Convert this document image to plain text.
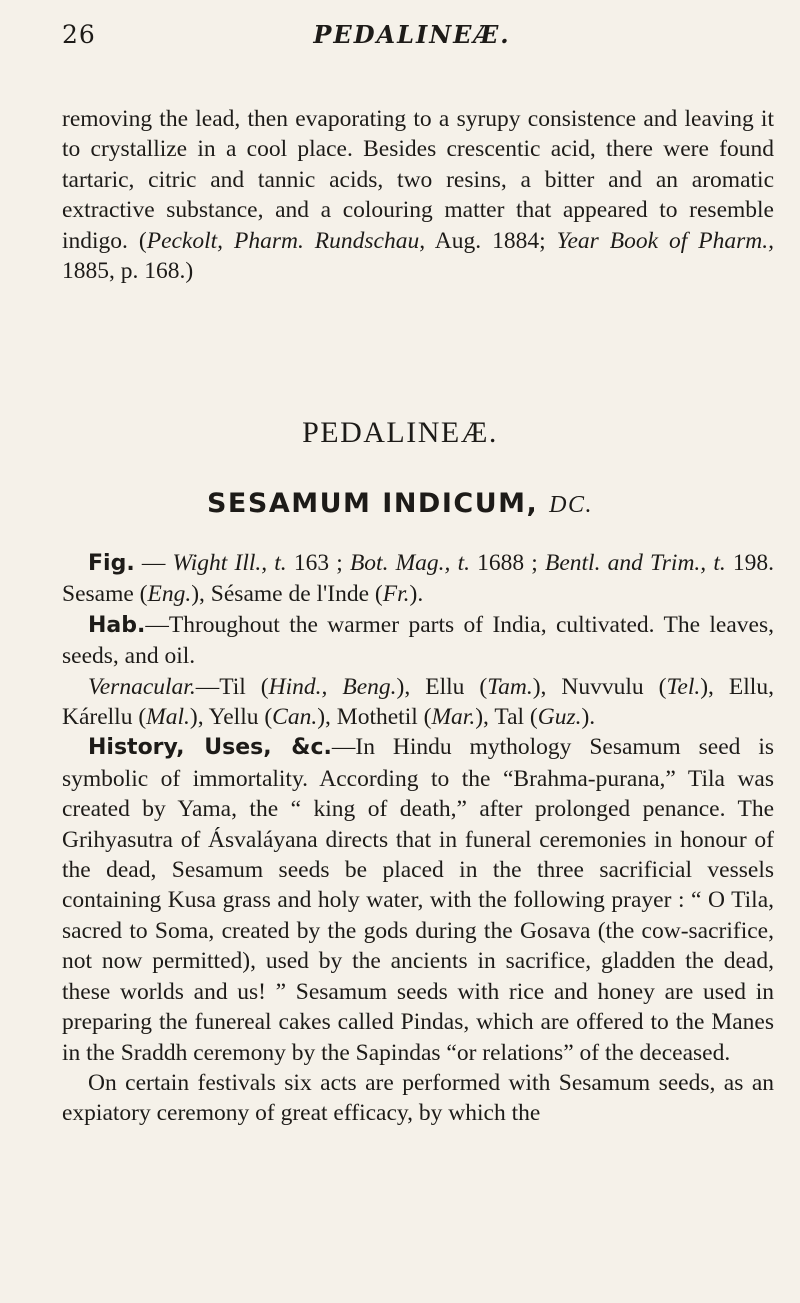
26	PEDALINEÆ.

removing the lead, then evaporating to a syrupy consistence and leaving it to crystallize in a cool place. Besides crescentic acid, there were found tartaric, citric and tannic acids, two resins, a bitter and an aromatic extractive substance, and a colouring matter that appeared to resemble indigo. (Peckolt, Pharm. Rundschau, Aug. 1884; Year Book of Pharm., 1885, p. 168.)

PEDALINEÆ.
SESAMUM INDICUM, DC.

Fig. — Wight Ill., t. 163 ; Bot. Mag., t. 1688 ; Bentl. and Trim., t. 198. Sesame (Eng.), Sésame de l'Inde (Fr.).

Hab.—Throughout the warmer parts of India, cultivated. The leaves, seeds, and oil.

Vernacular.—Til (Hind., Beng.), Ellu (Tam.), Nuvvulu (Tel.), Ellu, Kárellu (Mal.), Yellu (Can.), Mothetil (Mar.), Tal (Guz.).

History, Uses, &c.—In Hindu mythology Sesamum seed is symbolic of immortality. According to the “Brahma-purana,” Tila was created by Yama, the “ king of death,” after prolonged penance. The Grihyasutra of Ásvaláyana directs that in funeral ceremonies in honour of the dead, Sesamum seeds be placed in the three sacrificial vessels containing Kusa grass and holy water, with the following prayer : “ O Tila, sacred to Soma, created by the gods during the Gosava (the cow-sacrifice, not now permitted), used by the ancients in sacrifice, gladden the dead, these worlds and us! ” Sesamum seeds with rice and honey are used in preparing the funereal cakes called Pindas, which are offered to the Manes in the Sraddh ceremony by the Sapindas “or relations” of the deceased.

On certain festivals six acts are performed with Sesamum seeds, as an expiatory ceremony of great efficacy, by which the
